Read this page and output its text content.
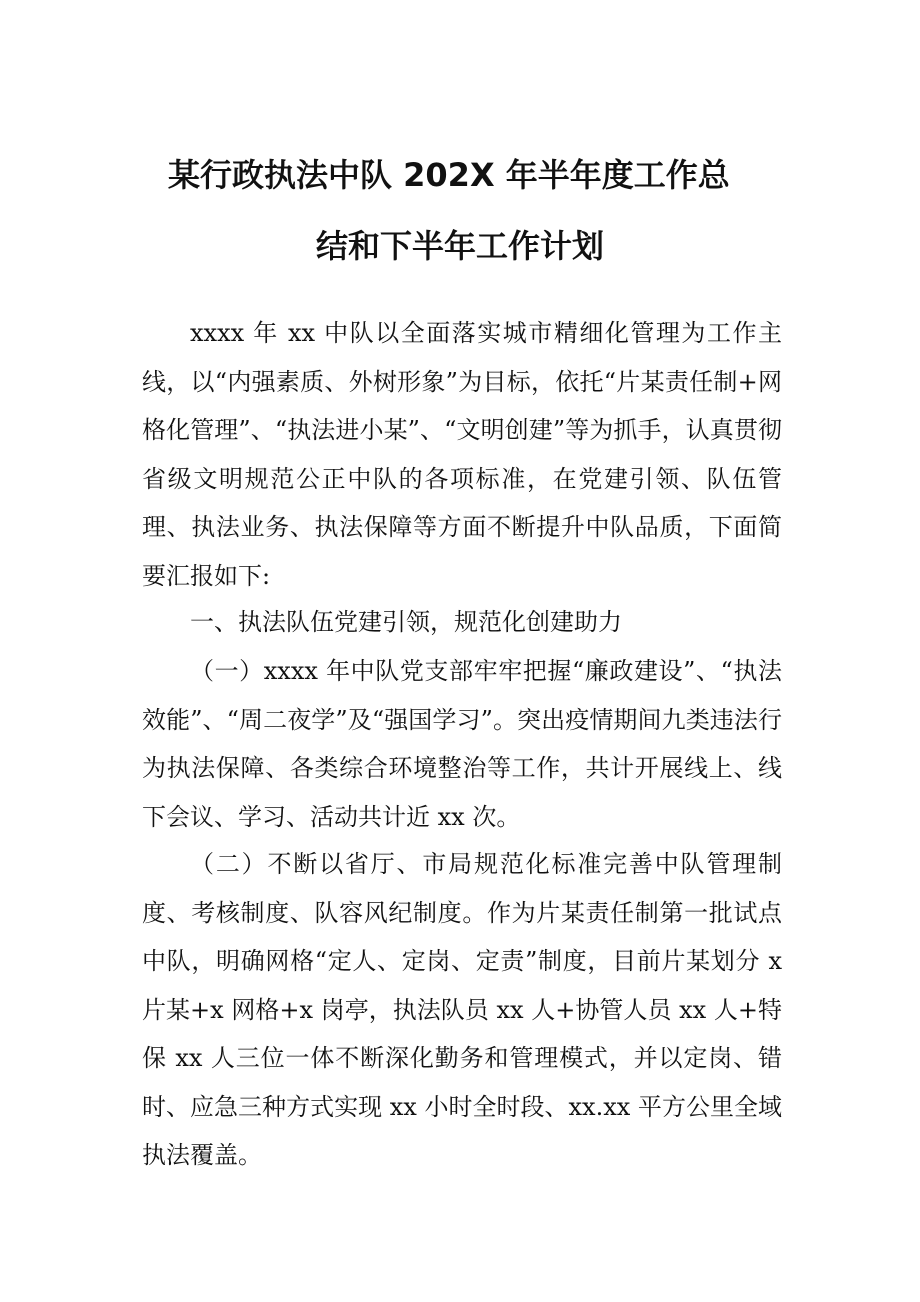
某行政执法中队 202X 年半年度工作总
结和下半年工作计划

xxxx 年 xx 中队以全面落实城市精细化管理为工作主线，以“内强素质、外树形象”为目标，依托“片某责任制+网格化管理”、“执法进小某”、“文明创建”等为抓手，认真贯彻省级文明规范公正中队的各项标准，在党建引领、队伍管理、执法业务、执法保障等方面不断提升中队品质，下面简要汇报如下:

一、执法队伍党建引领，规范化创建助力

（一）xxxx 年中队党支部牢牢把握“廉政建设”、“执法效能”、“周二夜学”及“强国学习”。突出疫情期间九类违法行为执法保障、各类综合环境整治等工作，共计开展线上、线下会议、学习、活动共计近 xx 次。

（二）不断以省厅、市局规范化标准完善中队管理制度、考核制度、队容风纪制度。作为片某责任制第一批试点中队，明确网格“定人、定岗、定责”制度，目前片某划分 x 片某+x 网格+x 岗亭，执法队员 xx 人+协管人员 xx 人+特保 xx 人三位一体不断深化勤务和管理模式，并以定岗、错时、应急三种方式实现 xx 小时全时段、xx.xx 平方公里全域执法覆盖。
